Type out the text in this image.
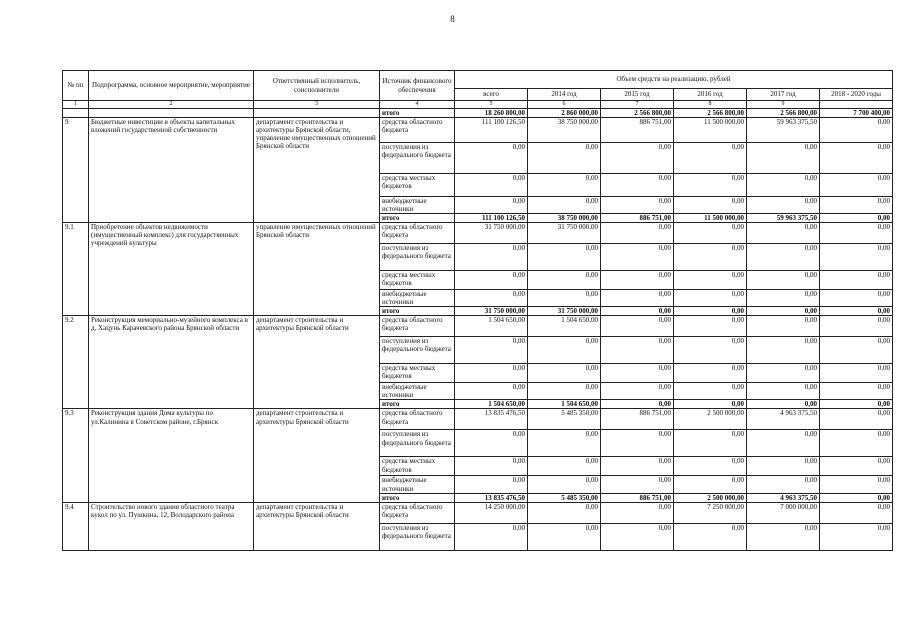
8
№ пп	Подпрограмма, основное мероприятие, мероприятие	Ответственный исполнитель, соисполнители	Источник финансового обеспечения	Объем средств на реализацию, рублей					
				всего	2014 год	2015 год	2016 год	2017 год	2018 - 2020 годы
1	2	3	4	5	6	7	8	9	
			итого	18 260 800,00	2 860 000,00	2 566 800,00	2 566 800,00	2 566 800,00	7 700 400,00
9	Бюджетные инвестиции в объекты капитальных вложений государственной собственности	департамент строительства и архитектуры Брянской области, управление имущественных отношений Брянской области	средства областного бюджета	111 100 126,50	38 750 000,00	886 751,00	11 500 000,00	59 963 375,50	0,00
			поступления из федерального бюджета	0,00	0,00	0,00	0,00	0,00	0,00
			средства местных бюджетов	0,00	0,00	0,00	0,00	0,00	0,00
			внебюджетные источники	0,00	0,00	0,00	0,00	0,00	0,00
			итого	111 100 126,50	38 750 000,00	886 751,00	11 500 000,00	59 963 375,50	0,00
9.1	Приобретение объектов недвижимости (имущественный комплекс) для государственных учреждений культуры	управление имущественных отношений Брянской области	средства областного бюджета	31 750 000,00	31 750 000,00	0,00	0,00	0,00	0,00
			поступления из федерального бюджета	0,00	0,00	0,00	0,00	0,00	0,00
			средства местных бюджетов	0,00	0,00	0,00	0,00	0,00	0,00
			внебюджетные источники	0,00	0,00	0,00	0,00	0,00	0,00
			итого	31 750 000,00	31 750 000,00	0,00	0,00	0,00	0,00
9.2	Реконструкция мемориально-музейного комплекса в д. Хацунь Карачевского района Брянской области	департамент строительства и архитектуры Брянской области	средства областного бюджета	1 504 650,00	1 504 650,00	0,00	0,00	0,00	0,00
			поступления из федерального бюджета	0,00	0,00	0,00	0,00	0,00	0,00
			средства местных бюджетов	0,00	0,00	0,00	0,00	0,00	0,00
			внебюджетные источники	0,00	0,00	0,00	0,00	0,00	0,00
			итого	1 504 650,00	1 504 650,00	0,00	0,00	0,00	0,00
9.3	Реконструкция здания Дома культуры по ул.Калинина в Советском районе, г.Брянск	департамент строительства и архитектуры Брянской области	средства областного бюджета	13 835 476,50	5 485 350,00	886 751,00	2 500 000,00	4 963 375,50	0,00
			поступления из федерального бюджета	0,00	0,00	0,00	0,00	0,00	0,00
			средства местных бюджетов	0,00	0,00	0,00	0,00	0,00	0,00
			внебюджетные источники	0,00	0,00	0,00	0,00	0,00	0,00
			итого	13 835 476,50	5 485 350,00	886 751,00	2 500 000,00	4 963 375,50	0,00
9.4	Строительство нового здания областного театра кукол по ул. Пушкина, 12, Володарского района	департамент строительства и архитектуры Брянской области	средства областного бюджета	14 250 000,00	0,00	0,00	7 250 000,00	7 000 000,00	0,00
			поступления из федерального бюджета	0,00	0,00	0,00	0,00	0,00	0,00
